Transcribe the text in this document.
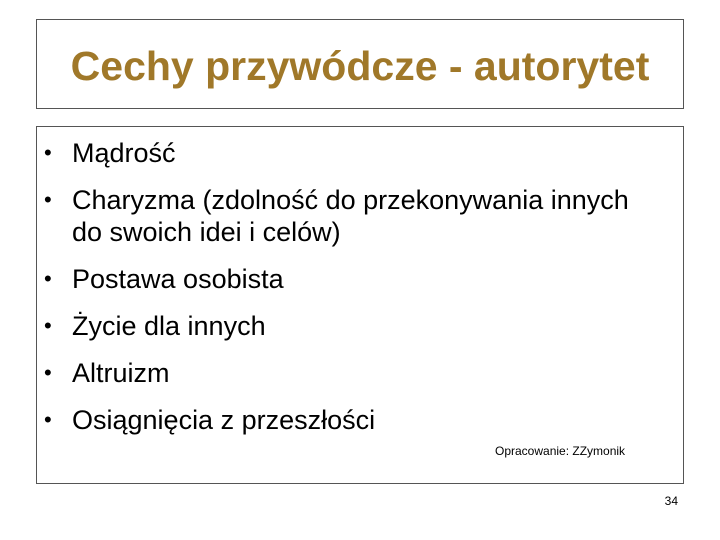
Cechy przywódcze - autorytet
• Mądrość
• Charyzma (zdolność do przekonywania innych do swoich idei i celów)
• Postawa osobista
• Życie dla innych
• Altruizm
• Osiągnięcia z przeszłości
Opracowanie: ZZymonik
34
